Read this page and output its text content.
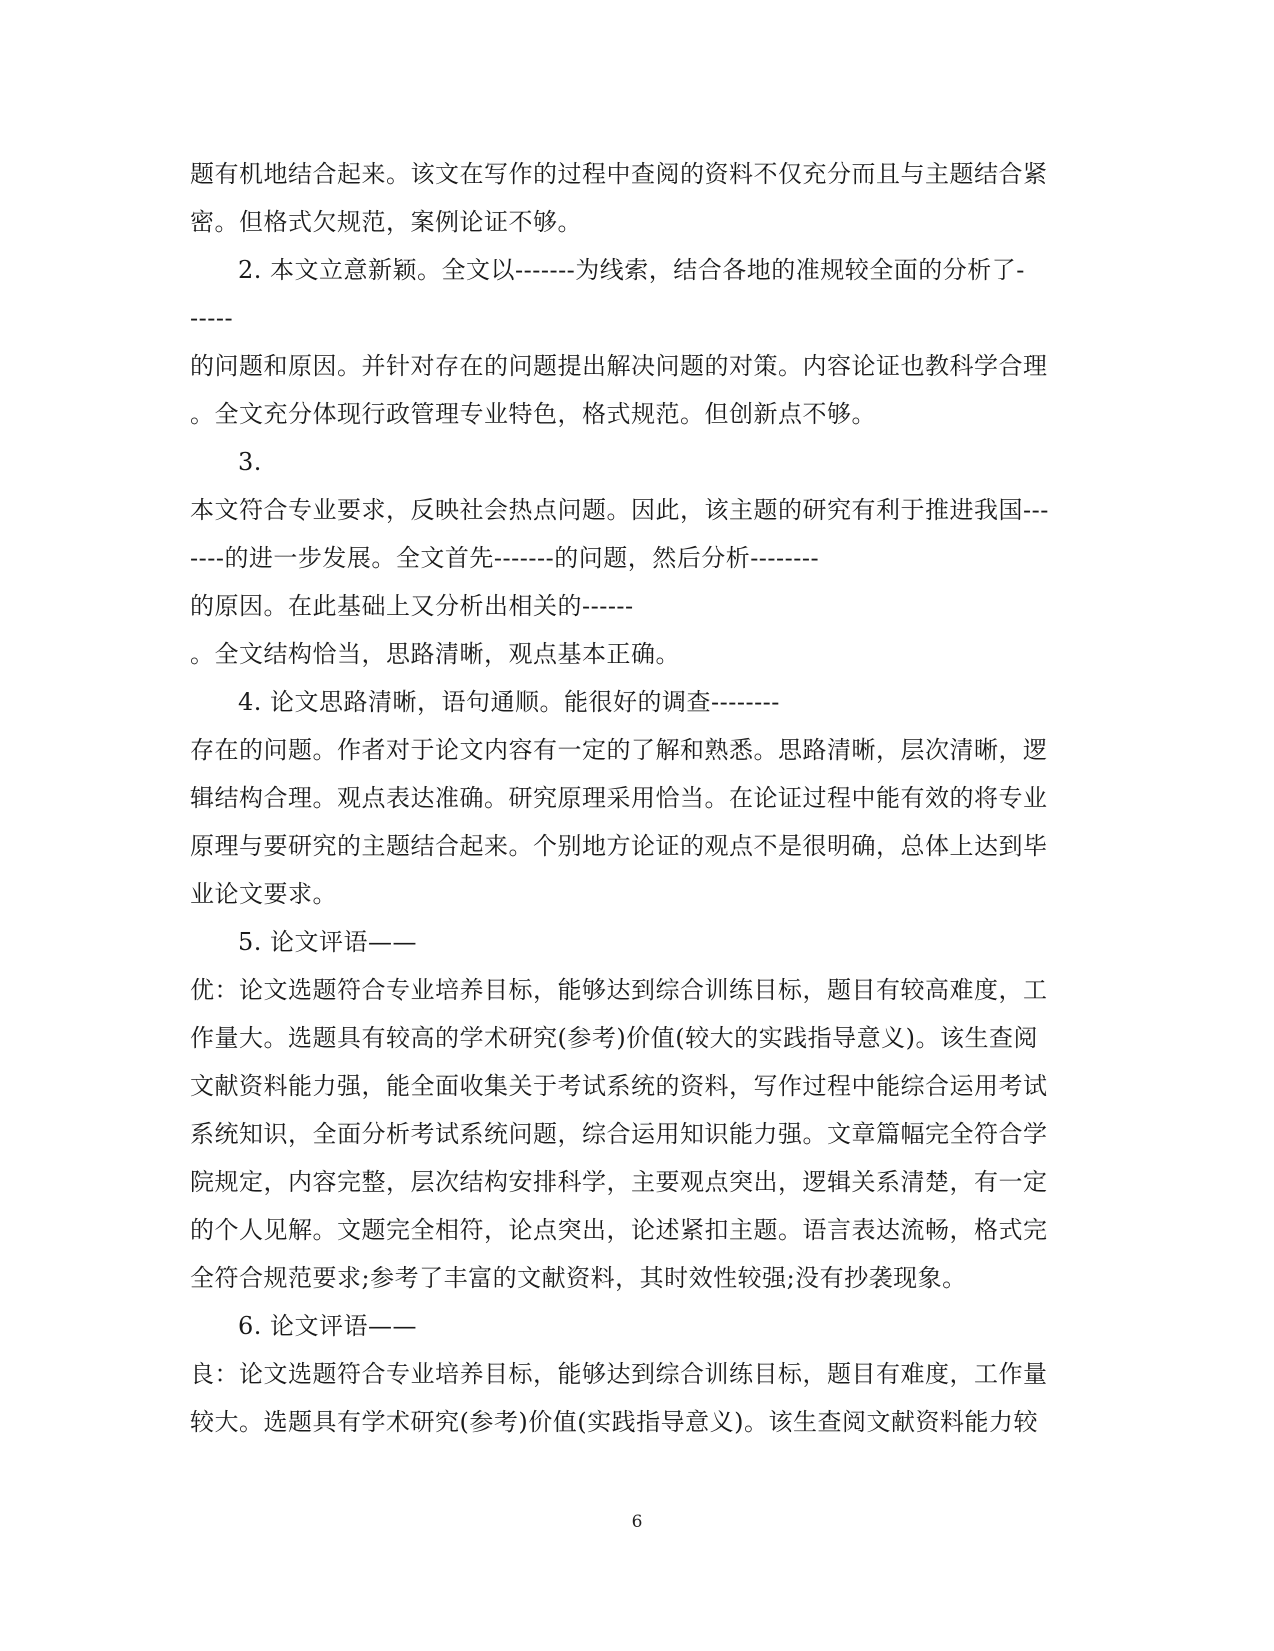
题有机地结合起来。该文在写作的过程中查阅的资料不仅充分而且与主题结合紧
密。但格式欠规范，案例论证不够。
2. 本文立意新颖。全文以-------为线索，结合各地的准规较全面的分析了-
-----
的问题和原因。并针对存在的问题提出解决问题的对策。内容论证也教科学合理
。全文充分体现行政管理专业特色，格式规范。但创新点不够。
3.
本文符合专业要求，反映社会热点问题。因此，该主题的研究有利于推进我国---
----的进一步发展。全文首先-------的问题，然后分析--------
的原因。在此基础上又分析出相关的------
。全文结构恰当，思路清晰，观点基本正确。
4. 论文思路清晰，语句通顺。能很好的调查--------
存在的问题。作者对于论文内容有一定的了解和熟悉。思路清晰，层次清晰，逻
辑结构合理。观点表达准确。研究原理采用恰当。在论证过程中能有效的将专业
原理与要研究的主题结合起来。个别地方论证的观点不是很明确，总体上达到毕
业论文要求。
5. 论文评语——
优：论文选题符合专业培养目标，能够达到综合训练目标，题目有较高难度，工
作量大。选题具有较高的学术研究(参考)价值(较大的实践指导意义)。该生查阅
文献资料能力强，能全面收集关于考试系统的资料，写作过程中能综合运用考试
系统知识，全面分析考试系统问题，综合运用知识能力强。文章篇幅完全符合学
院规定，内容完整，层次结构安排科学，主要观点突出，逻辑关系清楚，有一定
的个人见解。文题完全相符，论点突出，论述紧扣主题。语言表达流畅，格式完
全符合规范要求;参考了丰富的文献资料，其时效性较强;没有抄袭现象。
6. 论文评语——
良：论文选题符合专业培养目标，能够达到综合训练目标，题目有难度，工作量
较大。选题具有学术研究(参考)价值(实践指导意义)。该生查阅文献资料能力较
6
